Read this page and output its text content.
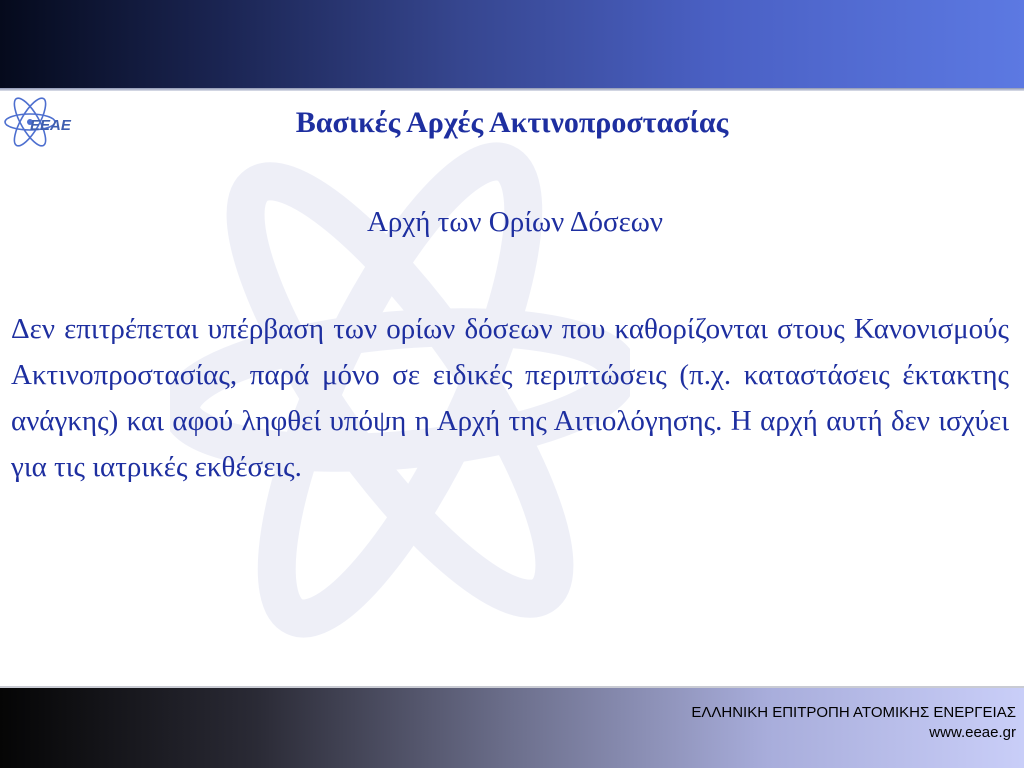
EEAE	Βασικές Αρχές Ακτινοπροστασίας
Αρχή των Ορίων Δόσεων

Δεν επιτρέπεται υπέρβαση των ορίων δόσεων που καθορίζονται στους Κανονισμούς Ακτινοπροστασίας, παρά μόνο σε ειδικές περιπτώσεις (π.χ. καταστάσεις έκτακτης ανάγκης) και αφού ληφθεί υπόψη η Αρχή της Αιτιολόγησης. Η αρχή αυτή δεν ισχύει για τις ιατρικές εκθέσεις.

ΕΛΛΗΝΙΚΗ ΕΠΙΤΡΟΠΗ ΑΤΟΜΙΚΗΣ ΕΝΕΡΓΕΙΑΣ
www.eeae.gr
